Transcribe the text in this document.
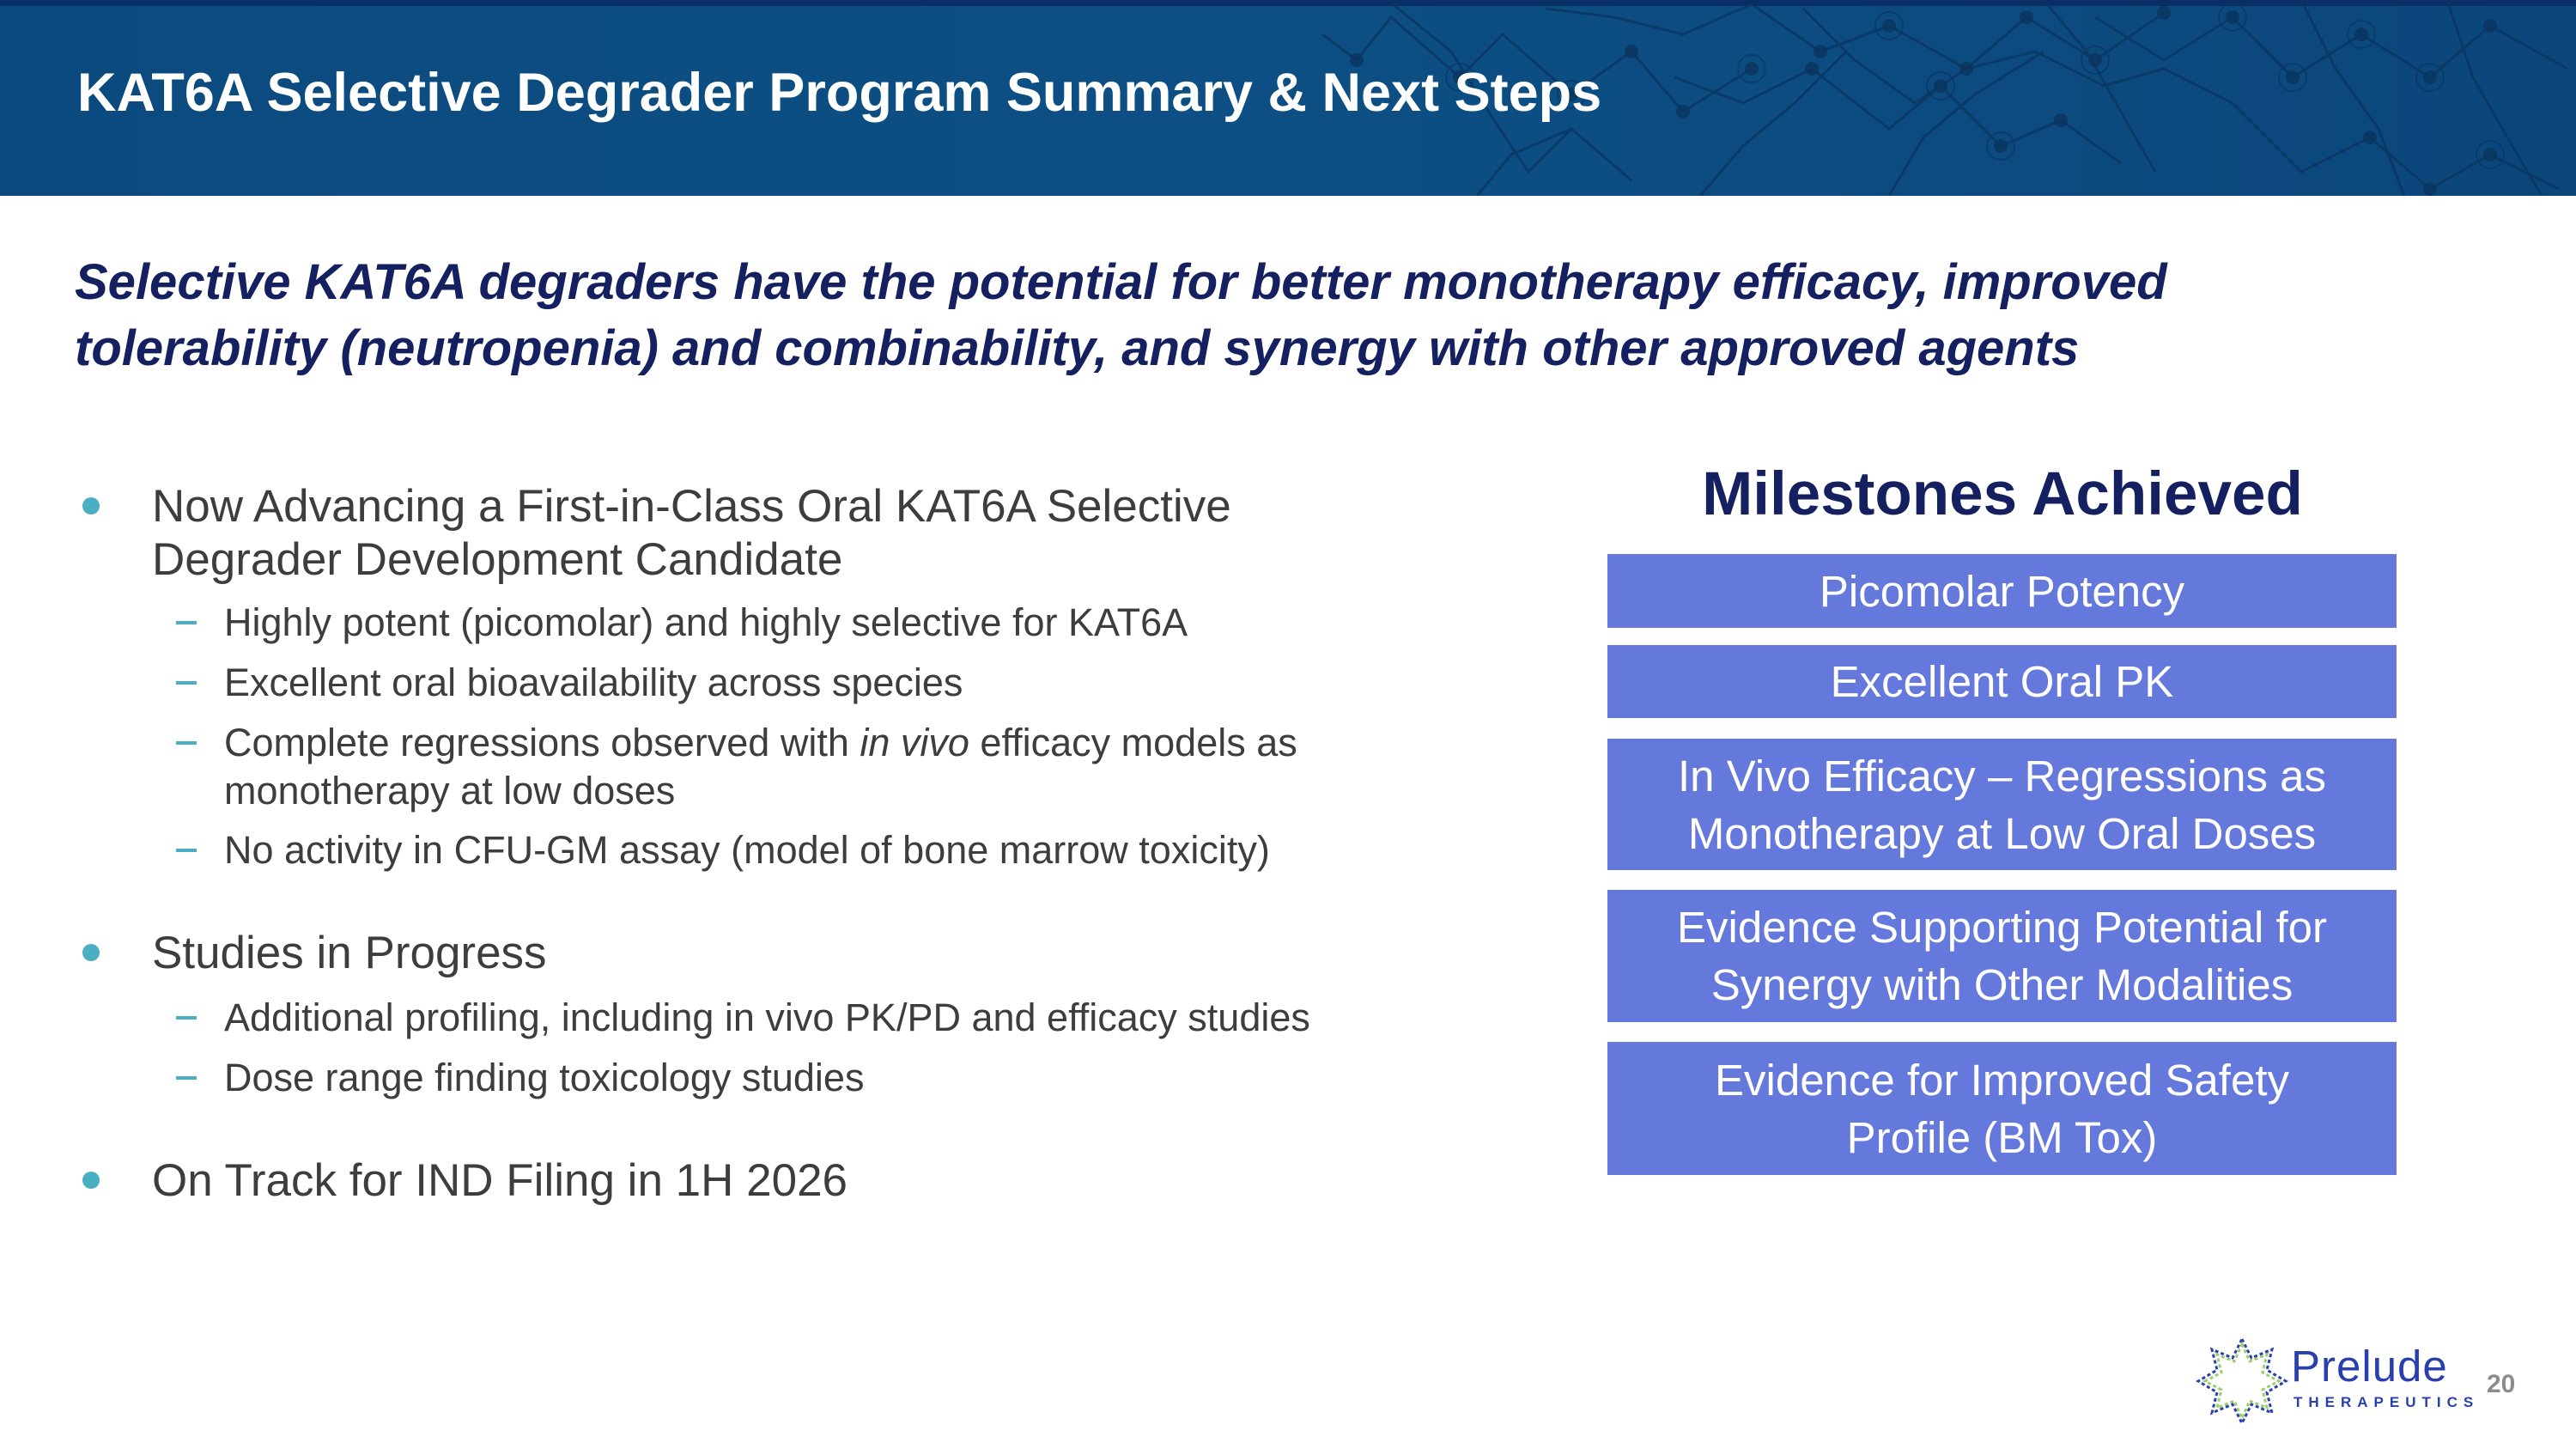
KAT6A Selective Degrader Program Summary & Next Steps
Selective KAT6A degraders have the potential for better monotherapy efficacy, improved
tolerability (neutropenia) and combinability, and synergy with other approved agents
Now Advancing a First-in-Class Oral KAT6A Selective
Degrader Development Candidate
Highly potent (picomolar) and highly selective for KAT6A
Excellent oral bioavailability across species
Complete regressions observed with in vivo efficacy models as
monotherapy at low doses
No activity in CFU-GM assay (model of bone marrow toxicity)
Studies in Progress
Additional profiling, including in vivo PK/PD and efficacy studies
Dose range finding toxicology studies
On Track for IND Filing in 1H 2026
Milestones Achieved
Picomolar Potency
Excellent Oral PK
In Vivo Efficacy – Regressions as
Monotherapy at Low Oral Doses
Evidence Supporting Potential for
Synergy with Other Modalities
Evidence for Improved Safety
Profile (BM Tox)
Prelude
THERAPEUTICS
20
